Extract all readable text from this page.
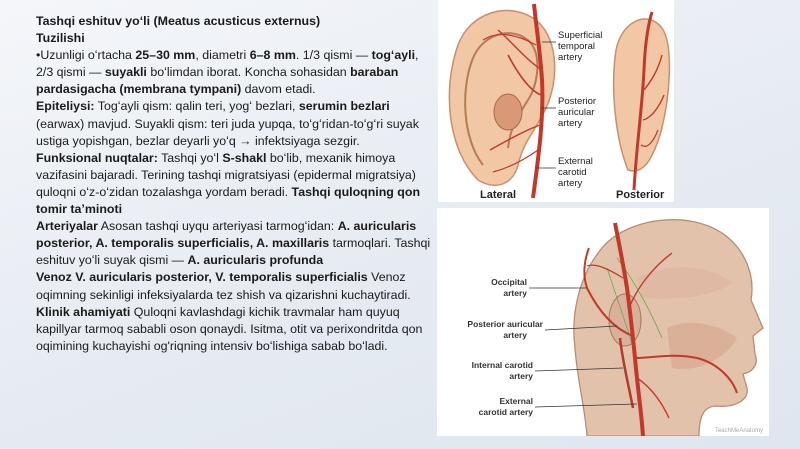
Tashqi eshituv yoʻli (Meatus acusticus externus)

Tuzilishi

•Uzunligi oʻrtacha 25–30 mm, diametri 6–8 mm. 1/3 qismi — togʻayli, 2/3 qismi — suyakli boʻlimdan iborat. Koncha sohasidan baraban pardasigacha (membrana tympani) davom etadi.

Epiteliysi: Togʻayli qism: qalin teri, yogʻ bezlari, serumin bezlari (earwax) mavjud. Suyakli qism: teri juda yupqa, toʻgʻridan-toʻgʻri suyak ustiga yopishgan, bezlar deyarli yoʻq → infektsiyaga sezgir.

Funksional nuqtalar: Tashqi yoʻl S-shakl boʻlib, mexanik himoya vazifasini bajaradi. Terining tashqi migratsiyasi (epidermal migratsiya) quloqni oʻz-oʻzidan tozalashga yordam beradi. Tashqi quloqning qon tomir taʼminoti

Arteriyalar Asosan tashqi uyqu arteriyasi tarmogʻidan: A. auricularis posterior, A. temporalis superficialis, A. maxillaris tarmoqlari. Tashqi eshituv yoʻli suyak qismi — A. auricularis profunda

Venoz V. auricularis posterior, V. temporalis superficialis Venoz oqimning sekinligi infeksiyalarda tez shish va qizarishni kuchaytiradi.

Klinik ahamiyati Quloqni kavlashdagi kichik travmalar ham quyuq kapillyar tarmoq sababli oson qonaydi. Isitma, otit va perixondritda qon oqimining kuchayishi og'riqning intensiv boʻlishiga sabab boʻladi.

Superficial
temporal
artery
Posterior
auricular
artery
External
carotid
artery
Lateral	Posterior
Occipital
artery
Posterior auricular
artery
Internal carotid
artery
External
carotid artery
TeachMeAnatomy
